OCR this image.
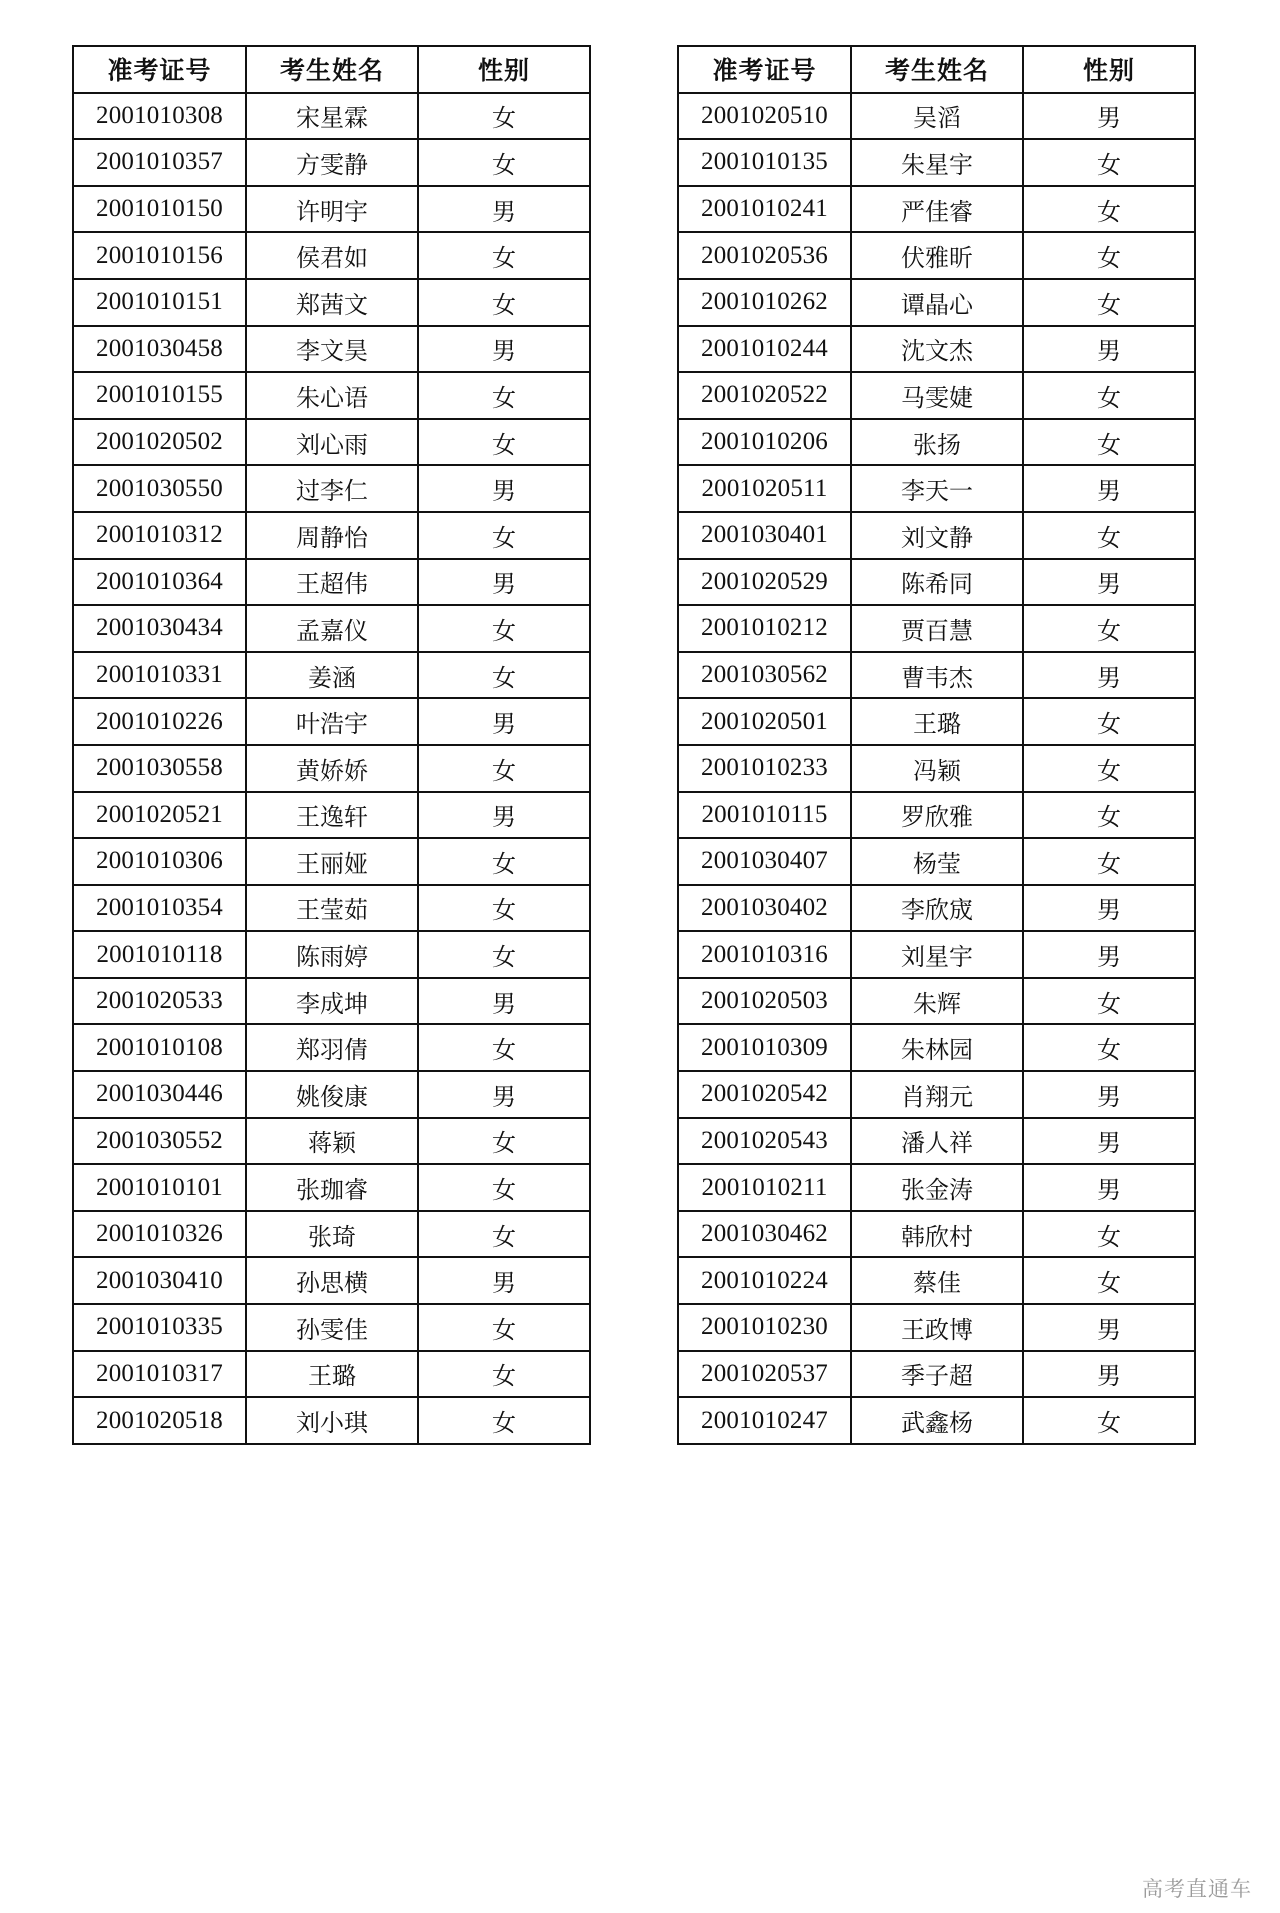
准考证号	考生姓名	性别
2001010308	宋星霖	女
2001010357	方雯静	女
2001010150	许明宇	男
2001010156	侯君如	女
2001010151	郑茜文	女
2001030458	李文昊	男
2001010155	朱心语	女
2001020502	刘心雨	女
2001030550	过李仁	男
2001010312	周静怡	女
2001010364	王超伟	男
2001030434	孟嘉仪	女
2001010331	姜涵	女
2001010226	叶浩宇	男
2001030558	黄娇娇	女
2001020521	王逸轩	男
2001010306	王丽娅	女
2001010354	王莹茹	女
2001010118	陈雨婷	女
2001020533	李成坤	男
2001010108	郑羽倩	女
2001030446	姚俊康	男
2001030552	蒋颖	女
2001010101	张珈睿	女
2001010326	张琦	女
2001030410	孙思横	男
2001010335	孙雯佳	女
2001010317	王璐	女
2001020518	刘小琪	女
准考证号	考生姓名	性别
2001020510	吴滔	男
2001010135	朱星宇	女
2001010241	严佳睿	女
2001020536	伏雅昕	女
2001010262	谭晶心	女
2001010244	沈文杰	男
2001020522	马雯婕	女
2001010206	张扬	女
2001020511	李天一	男
2001030401	刘文静	女
2001020529	陈希同	男
2001010212	贾百慧	女
2001030562	曹韦杰	男
2001020501	王璐	女
2001010233	冯颖	女
2001010115	罗欣雅	女
2001030407	杨莹	女
2001030402	李欣宬	男
2001010316	刘星宇	男
2001020503	朱辉	女
2001010309	朱林园	女
2001020542	肖翔元	男
2001020543	潘人祥	男
2001010211	张金涛	男
2001030462	韩欣村	女
2001010224	蔡佳	女
2001010230	王政博	男
2001020537	季子超	男
2001010247	武鑫杨	女
高考直通车
